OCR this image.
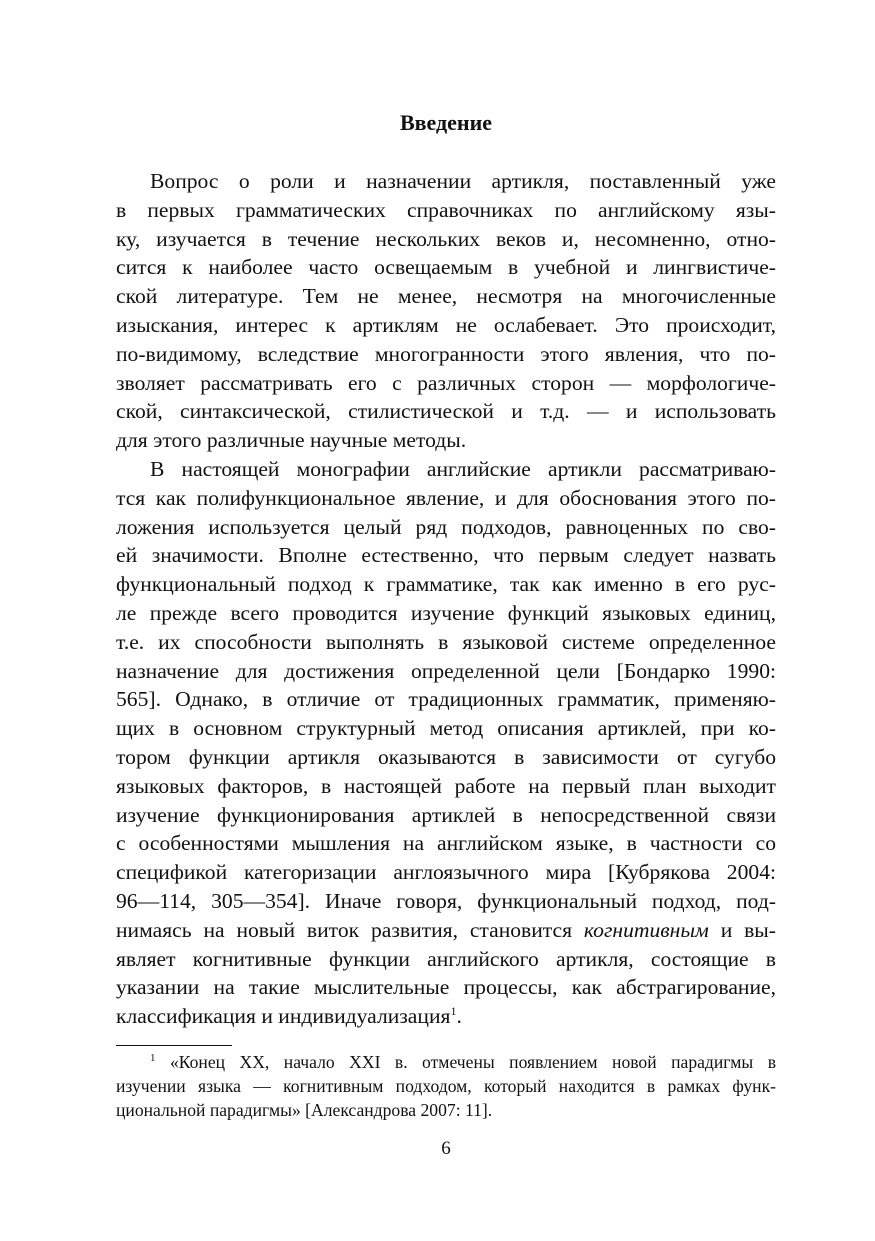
Введение
Вопрос о роли и назначении артикля, поставленный уже
в первых грамматических справочниках по английскому язы-
ку, изучается в течение нескольких веков и, несомненно, отно-
сится к наиболее часто освещаемым в учебной и лингвистиче-
ской литературе. Тем не менее, несмотря на многочисленные
изыскания, интерес к артиклям не ослабевает. Это происходит,
по-видимому, вследствие многогранности этого явления, что по-
зволяет рассматривать его с различных сторон — морфологиче-
ской, синтаксической, стилистической и т.д. — и использовать
для этого различные научные методы.
В настоящей монографии английские артикли рассматриваю-
тся как полифункциональное явление, и для обоснования этого по-
ложения используется целый ряд подходов, равноценных по сво-
ей значимости. Вполне естественно, что первым следует назвать
функциональный подход к грамматике, так как именно в его рус-
ле прежде всего проводится изучение функций языковых единиц,
т.е. их способности выполнять в языковой системе определенное
назначение для достижения определенной цели [Бондарко 1990:
565]. Однако, в отличие от традиционных грамматик, применяю-
щих в основном структурный метод описания артиклей, при ко-
тором функции артикля оказываются в зависимости от сугубо
языковых факторов, в настоящей работе на первый план выходит
изучение функционирования артиклей в непосредственной связи
с особенностями мышления на английском языке, в частности со
спецификой категоризации англоязычного мира [Кубрякова 2004:
96—114, 305—354]. Иначе говоря, функциональный подход, под-
нимаясь на новый виток развития, становится когнитивным и вы-
являет когнитивные функции английского артикля, состоящие в
указании на такие мыслительные процессы, как абстрагирование,
классификация и индивидуализация$^1$.
$^1$ «Конец XX, начало XXI в. отмечены появлением новой парадигмы в
изучении языка — когнитивным подходом, который находится в рамках функ-
циональной парадигмы» [Александрова 2007: 11].
6
